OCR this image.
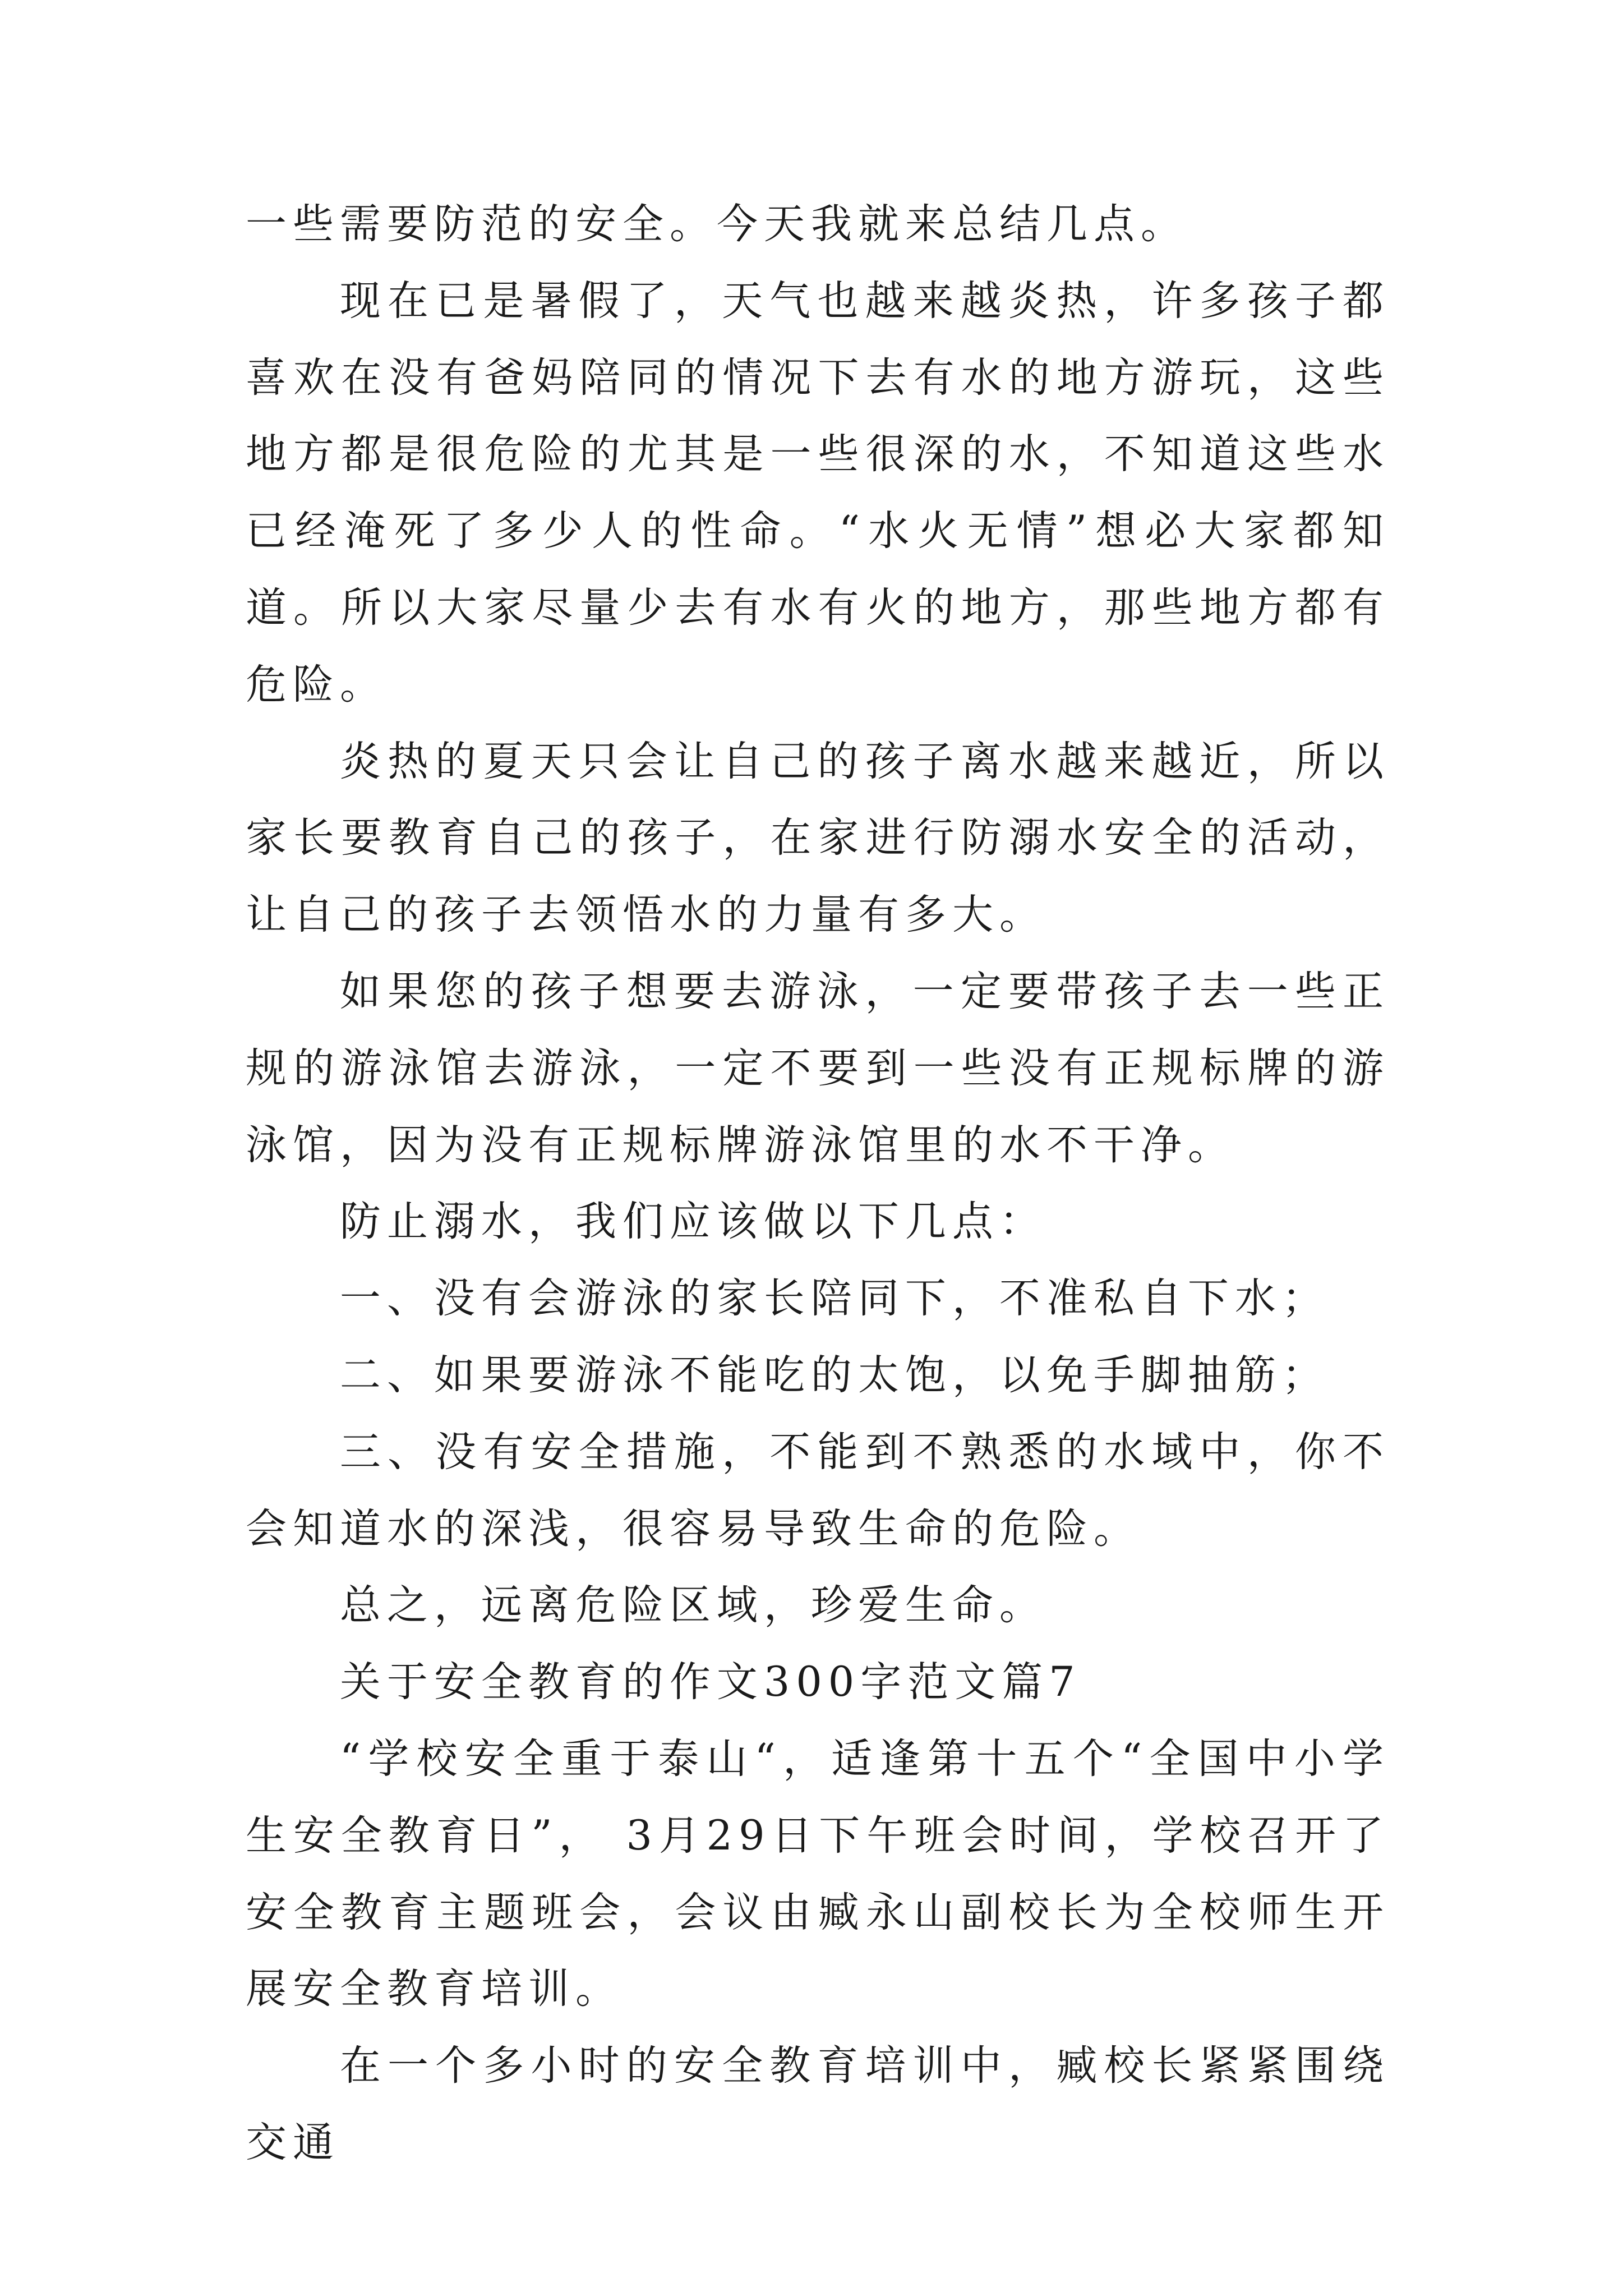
一些需要防范的安全。今天我就来总结几点。

现在已是暑假了，天气也越来越炎热，许多孩子都喜欢在没有爸妈陪同的情况下去有水的地方游玩，这些地方都是很危险的尤其是一些很深的水，不知道这些水已经淹死了多少人的性命。“水火无情”想必大家都知道。所以大家尽量少去有水有火的地方，那些地方都有危险。

炎热的夏天只会让自己的孩子离水越来越近，所以家长要教育自己的孩子，在家进行防溺水安全的活动，让自己的孩子去领悟水的力量有多大。

如果您的孩子想要去游泳，一定要带孩子去一些正规的游泳馆去游泳，一定不要到一些没有正规标牌的游泳馆，因为没有正规标牌游泳馆里的水不干净。

防止溺水，我们应该做以下几点：

一、没有会游泳的家长陪同下，不准私自下水；

二、如果要游泳不能吃的太饱，以免手脚抽筋；

三、没有安全措施，不能到不熟悉的水域中，你不会知道水的深浅，很容易导致生命的危险。

总之，远离危险区域，珍爱生命。

关于安全教育的作文300字范文篇7

“学校安全重于泰山“，适逢第十五个“全国中小学生安全教育日”， 3月29日下午班会时间，学校召开了安全教育主题班会，会议由臧永山副校长为全校师生开展安全教育培训。

在一个多小时的安全教育培训中，臧校长紧紧围绕交通
